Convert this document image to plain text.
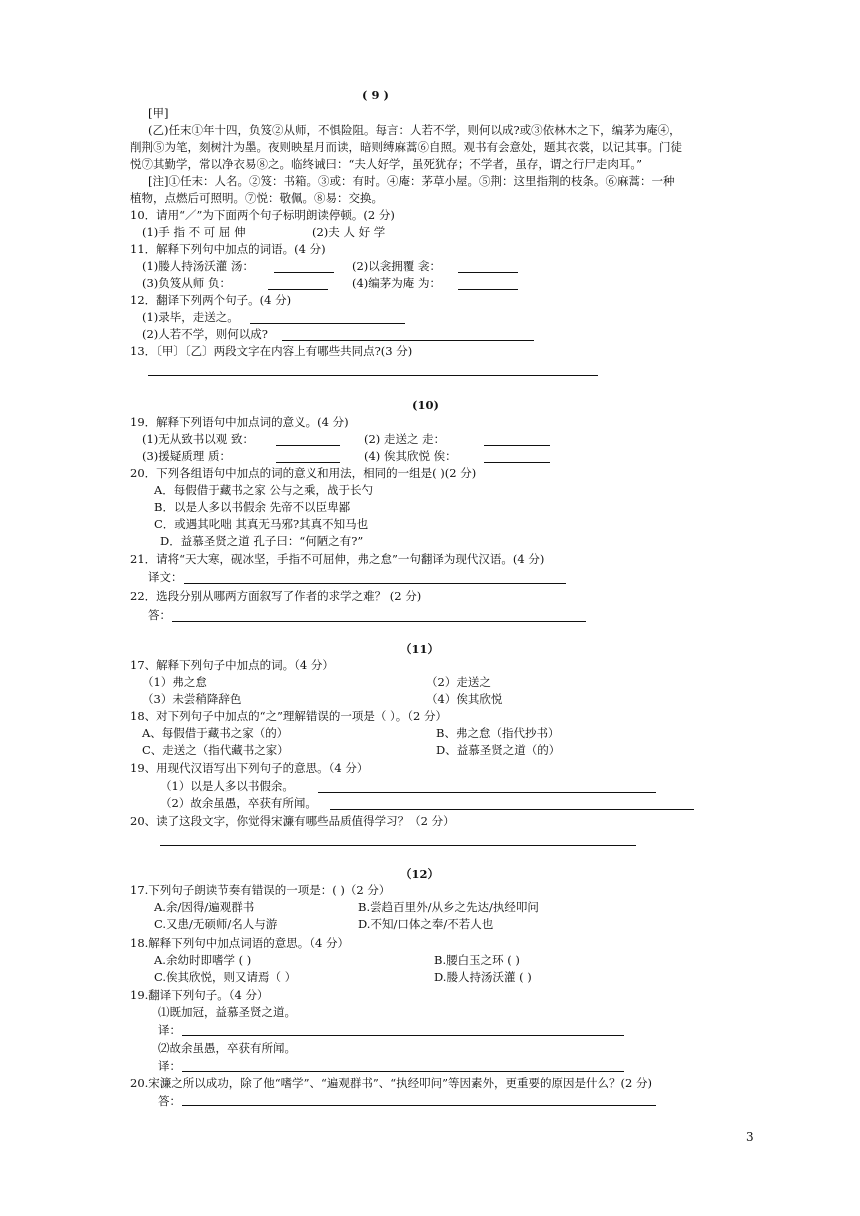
( 9 )
[甲]
(乙)任末①年十四，负笈②从师，不惧险阻。每言：人若不学，则何以成?或③依林木之下，编茅为庵④，
削荆⑤为笔，刻树汁为墨。夜则映星月而读，暗则缚麻蒿⑥自照。观书有会意处，题其衣裳，以记其事。门徒
悦⑦其勤学，常以净衣易⑧之。临终诫曰：“夫人好学，虽死犹存；不学者，虽存，谓之行尸走肉耳。”
[注]①任末：人名。②笈：书箱。③或：有时。④庵：茅草小屋。⑤荆：这里指荆的枝条。⑥麻蒿：一种
植物，点燃后可照明。⑦悦：敬佩。⑧易：交换。
10．请用“／”为下面两个句子标明朗读停顿。(2 分)
(1)手 指 不 可 屈 伸	(2)夫 人 好 学
11．解释下列句中加点的词语。(4 分)
(1)媵人持汤沃灌 汤：	(2)以衾拥覆 衾：
(3)负笈从师 负：	(4)编茅为庵 为：
12．翻译下列两个句子。(4 分)
(1)录毕，走送之。
(2)人若不学，则何以成?
13．〔甲〕〔乙〕两段文字在内容上有哪些共同点?(3 分)
(10)
19．解释下列语句中加点词的意义。(4 分)
(1)无从致书以观 致：	(2) 走送之 走：
(3)援疑质理 质：	(4) 俟其欣悦 俟：
20．下列各组语句中加点的词的意义和用法，相同的一组是( )(2 分)
A．每假借于藏书之家 公与之乘，战于长勺
B．以是人多以书假余 先帝不以臣卑鄙
C．或遇其叱咄 其真无马邪?其真不知马也
D．益慕圣贤之道 孔子曰：“何陋之有?”
21．请将“天大寒，砚冰坚，手指不可屈伸，弗之怠”一句翻译为现代汉语。(4 分)
译文：
22．选段分别从哪两方面叙写了作者的求学之难？ (2 分)
答：
（11）
17、解释下列句子中加点的词。（4 分）
（1）弗之怠	（2）走送之
（3）未尝稍降辞色	（4）俟其欣悦
18、对下列句子中加点的“之”理解错误的一项是（ ）。（2 分）
A、每假借于藏书之家（的）	B、弗之怠（指代抄书）
C、走送之（指代藏书之家）	D、益慕圣贤之道（的）
19、用现代汉语写出下列句子的意思。（4 分）
（1）以是人多以书假余。
（2）故余虽愚，卒获有所闻。
20、读了这段文字，你觉得宋濂有哪些品质值得学习？（2 分）
（12）
17.下列句子朗读节奏有错误的一项是：( )（2 分）
A.余/因得/遍观群书	B.尝趋百里外/从乡之先达/执经叩问
C.又患/无硕师/名人与游	D.不知/口体之奉/不若人也
18.解释下列句中加点词语的意思。（4 分）
A.余幼时即嗜学 ( )	B.腰白玉之环 ( )
C.俟其欣悦，则又请焉（ ）	D.媵人持汤沃灌 ( )
19.翻译下列句子。（4 分）
⑴既加冠，益慕圣贤之道。
译：
⑵故余虽愚，卒获有所闻。
译：
20.宋濂之所以成功，除了他“嗜学”、“遍观群书”、“执经叩问”等因素外，更重要的原因是什么？(2 分)
答：
3
